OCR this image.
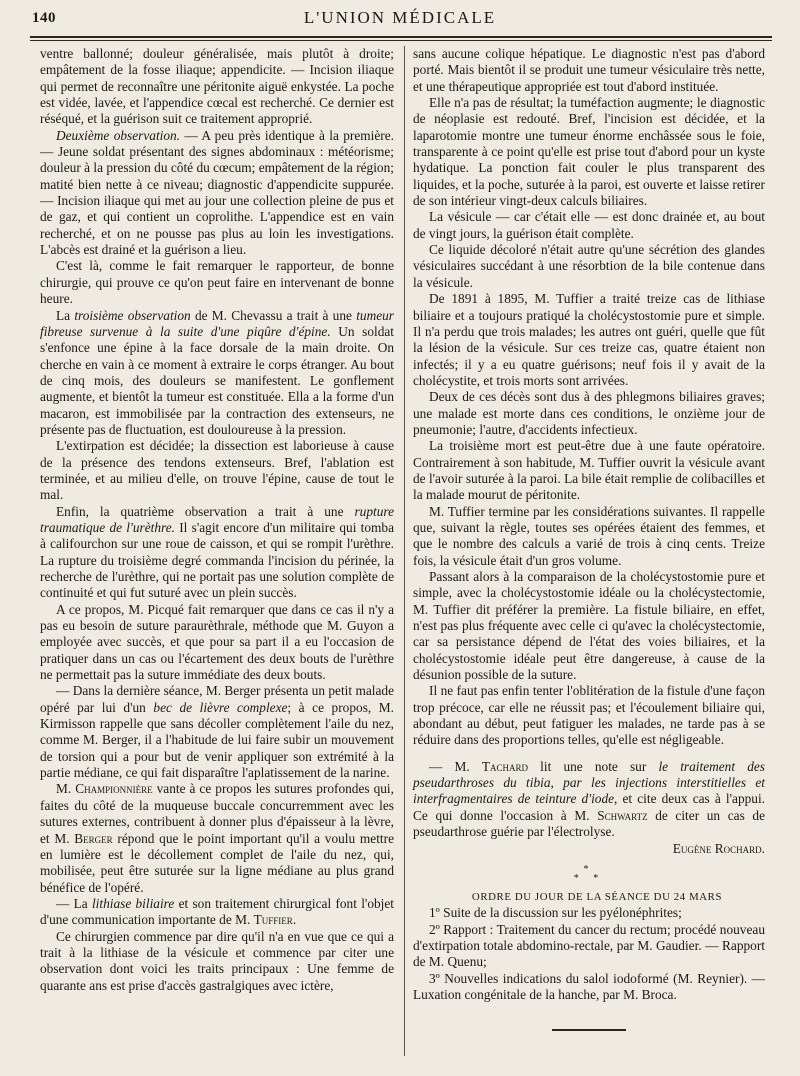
140	L'UNION MÉDICALE

ventre ballonné; douleur généralisée, mais plutôt à droite; empâtement de la fosse iliaque; appendicite. — Incision iliaque qui permet de reconnaître une péritonite aiguë enkystée. La poche est vidée, lavée, et l'appendice cœcal est recherché. Ce dernier est réséqué, et la guérison suit ce traitement approprié.

Deuxième observation. — A peu près identique à la première.— Jeune soldat présentant des signes abdominaux : météorisme; douleur à la pression du côté du cœcum; empâtement de la région; matité bien nette à ce niveau; diagnostic d'appendicite suppurée. — Incision iliaque qui met au jour une collection pleine de pus et de gaz, et qui contient un coprolithe. L'appendice est en vain recherché, et on ne pousse pas plus au loin les investigations. L'abcès est drainé et la guérison a lieu.

C'est là, comme le fait remarquer le rapporteur, de bonne chirurgie, qui prouve ce qu'on peut faire en intervenant de bonne heure.

La troisième observation de M. Chevassu a trait à une tumeur fibreuse survenue à la suite d'une piqûre d'épine. Un soldat s'enfonce une épine à la face dorsale de la main droite. On cherche en vain à ce moment à extraire le corps étranger. Au bout de cinq mois, des douleurs se manifestent. Le gonflement augmente, et bientôt la tumeur est constituée. Ella a la forme d'un macaron, est immobilisée par la contraction des extenseurs, ne présente pas de fluctuation, est douloureuse à la pression.

L'extirpation est décidée; la dissection est laborieuse à cause de la présence des tendons extenseurs. Bref, l'ablation est terminée, et au milieu d'elle, on trouve l'épine, cause de tout le mal.

Enfin, la quatrième observation a trait à une rupture traumatique de l'urèthre. Il s'agit encore d'un militaire qui tomba à califourchon sur une roue de caisson, et qui se rompit l'urèthre. La rupture du troisième degré commanda l'incision du périnée, la recherche de l'urèthre, qui ne portait pas une solution complète de continuité et qui fut suturé avec un plein succès.

A ce propos, M. Picqué fait remarquer que dans ce cas il n'y a pas eu besoin de suture paraurèthrale, méthode que M. Guyon a employée avec succès, et que pour sa part il a eu l'occasion de pratiquer dans un cas ou l'écartement des deux bouts de l'urèthre ne permettait pas la suture immédiate des deux bouts.

— Dans la dernière séance, M. Berger présenta un petit malade opéré par lui d'un bec de lièvre complexe; à ce propos, M. Kirmisson rappelle que sans décoller complètement l'aile du nez, comme M. Berger, il a l'habitude de lui faire subir un mouvement de torsion qui a pour but de venir appliquer son extrémité à la partie médiane, ce qui fait disparaître l'aplatissement de la narine.

M. Championnière vante à ce propos les sutures profondes qui, faites du côté de la muqueuse buccale concurremment avec les sutures externes, contribuent à donner plus d'épaisseur à la lèvre, et M. Berger répond que le point important qu'il a voulu mettre en lumière est le décollement complet de l'aile du nez, qui, mobilisée, peut être suturée sur la ligne médiane au plus grand bénéfice de l'opéré.

— La lithiase biliaire et son traitement chirurgical font l'objet d'une communication importante de M. Tuffier.

Ce chirurgien commence par dire qu'il n'a en vue que ce qui a trait à la lithiase de la vésicule et commence par citer une observation dont voici les traits principaux : Une femme de quarante ans est prise d'accès gastralgiques avec ictère,

sans aucune colique hépatique. Le diagnostic n'est pas d'abord porté. Mais bientôt il se produit une tumeur vésiculaire très nette, et une thérapeutique appropriée est tout d'abord instituée.

Elle n'a pas de résultat; la tuméfaction augmente; le diagnostic de néoplasie est redouté. Bref, l'incision est décidée, et la laparotomie montre une tumeur énorme enchâssée sous le foie, transparente à ce point qu'elle est prise tout d'abord pour un kyste hydatique. La ponction fait couler le plus transparent des liquides, et la poche, suturée à la paroi, est ouverte et laisse retirer de son intérieur vingt-deux calculs biliaires.

La vésicule — car c'était elle — est donc drainée et, au bout de vingt jours, la guérison était complète.

Ce liquide décoloré n'était autre qu'une sécrétion des glandes vésiculaires succédant à une résorbtion de la bile contenue dans la vésicule.

De 1891 à 1895, M. Tuffier a traité treize cas de lithiase biliaire et a toujours pratiqué la cholécystostomie pure et simple. Il n'a perdu que trois malades; les autres ont guéri, quelle que fût la lésion de la vésicule. Sur ces treize cas, quatre étaient non infectés; il y a eu quatre guérisons; neuf fois il y avait de la cholécystite, et trois morts sont arrivées.

Deux de ces décès sont dus à des phlegmons biliaires graves; une malade est morte dans ces conditions, le onzième jour de pneumonie; l'autre, d'accidents infectieux.

La troisième mort est peut-être due à une faute opératoire. Contrairement à son habitude, M. Tuffier ouvrit la vésicule avant de l'avoir suturée à la paroi. La bile était remplie de colibacilles et la malade mourut de péritonite.

M. Tuffier termine par les considérations suivantes. Il rappelle que, suivant la règle, toutes ses opérées étaient des femmes, et que le nombre des calculs a varié de trois à cinq cents. Treize fois, la vésicule était d'un gros volume.

Passant alors à la comparaison de la cholécystostomie pure et simple, avec la cholécystostomie idéale ou la cholécystectomie, M. Tuffier dit préférer la première. La fistule biliaire, en effet, n'est pas plus fréquente avec celle ci qu'avec la cholécystectomie, car sa persistance dépend de l'état des voies biliaires, et la cholécystostomie idéale peut être dangereuse, à cause de la désunion possible de la suture.

Il ne faut pas enfin tenter l'oblitération de la fistule d'une façon trop précoce, car elle ne réussit pas; et l'écoulement biliaire qui, abondant au début, peut fatiguer les malades, ne tarde pas à se réduire dans des proportions telles, qu'elle est négligeable.

— M. Tachard lit une note sur le traitement des pseudarthroses du tibia, par les injections interstitielles et interfragmentaires de teinture d'iode, et cite deux cas à l'appui. Ce qui donne l'occasion à M. Schwartz de citer un cas de pseudarthrose guérie par l'électrolyse.

Eugène Rochard.

*
* *

ORDRE DU JOUR DE LA SÉANCE DU 24 MARS

1º Suite de la discussion sur les pyélonéphrites;

2º Rapport : Traitement du cancer du rectum; procédé nouveau d'extirpation totale abdomino-rectale, par M. Gaudier. — Rapport de M. Quenu;

3º Nouvelles indications du salol iodoformé (M. Reynier). — Luxation congénitale de la hanche, par M. Broca.
